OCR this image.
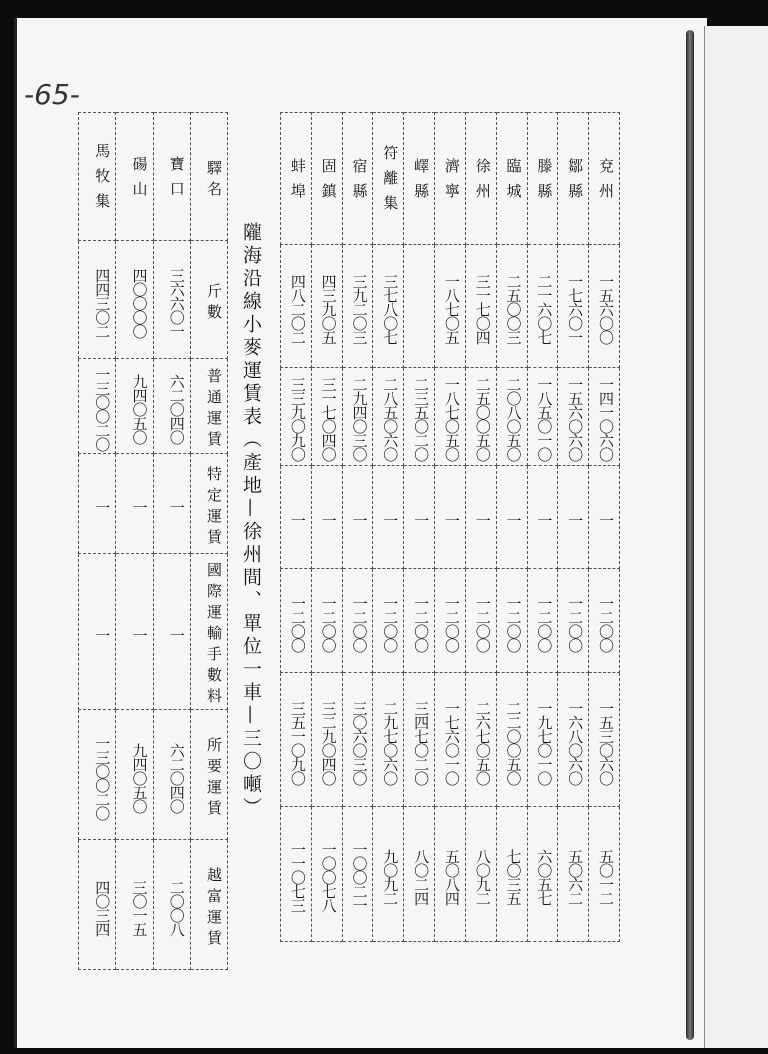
-65-
隴海沿線小麥運賃表（產地—徐州間、單位一車—三〇噸）
蚌埠	固鎮	宿縣	符離集	嶧縣	濟寧	徐州	臨城	滕縣	鄒縣	兗州
四八二〇二	四三九〇五	三九二〇三	三七八〇七		一八七〇五	三一七〇四	二五〇〇三	二一六〇七	一七六〇一	一五六〇〇
三三九〇九〇	三一七〇四〇	二九四〇三〇	二八五〇六〇	二三五〇二〇	一八七〇五〇	二五〇〇五〇	二〇八〇五〇	一八五〇一〇	一五六〇六〇	一四一〇六〇
一	一	一	一	一	一	一	一	一	一	一
一二〇〇	一二〇〇	一二〇〇	一二〇〇	一二〇〇	一二〇〇	一二〇〇	一二〇〇	一二〇〇	一二〇〇	一二〇〇
三五一〇九〇	三二九〇四〇	三〇六〇三〇	二九七〇六〇	三四七〇二〇	一七六〇一〇	二六七〇五〇	二二〇〇五〇	一九七〇一〇	一六八〇六〇	一五三〇六〇
一一〇七三	一〇〇七八	一〇〇二一	九〇九二	八〇二四	五〇八四	八〇九二	七〇三五	六〇五七	五〇六二	五〇一二
馬牧集	碭山	寶口	驛名
四四三〇二	四〇〇〇〇	三六六〇一	斤數
一三〇〇二〇	九四〇五〇	六二〇四〇	普通運賃
一	一	一	特定運賃
一	一	一	國際運輸手數料
一三〇〇二〇	九四〇五〇	六二〇四〇	所要運賃
四〇三四	三〇一五	二〇〇八	越富運賃
